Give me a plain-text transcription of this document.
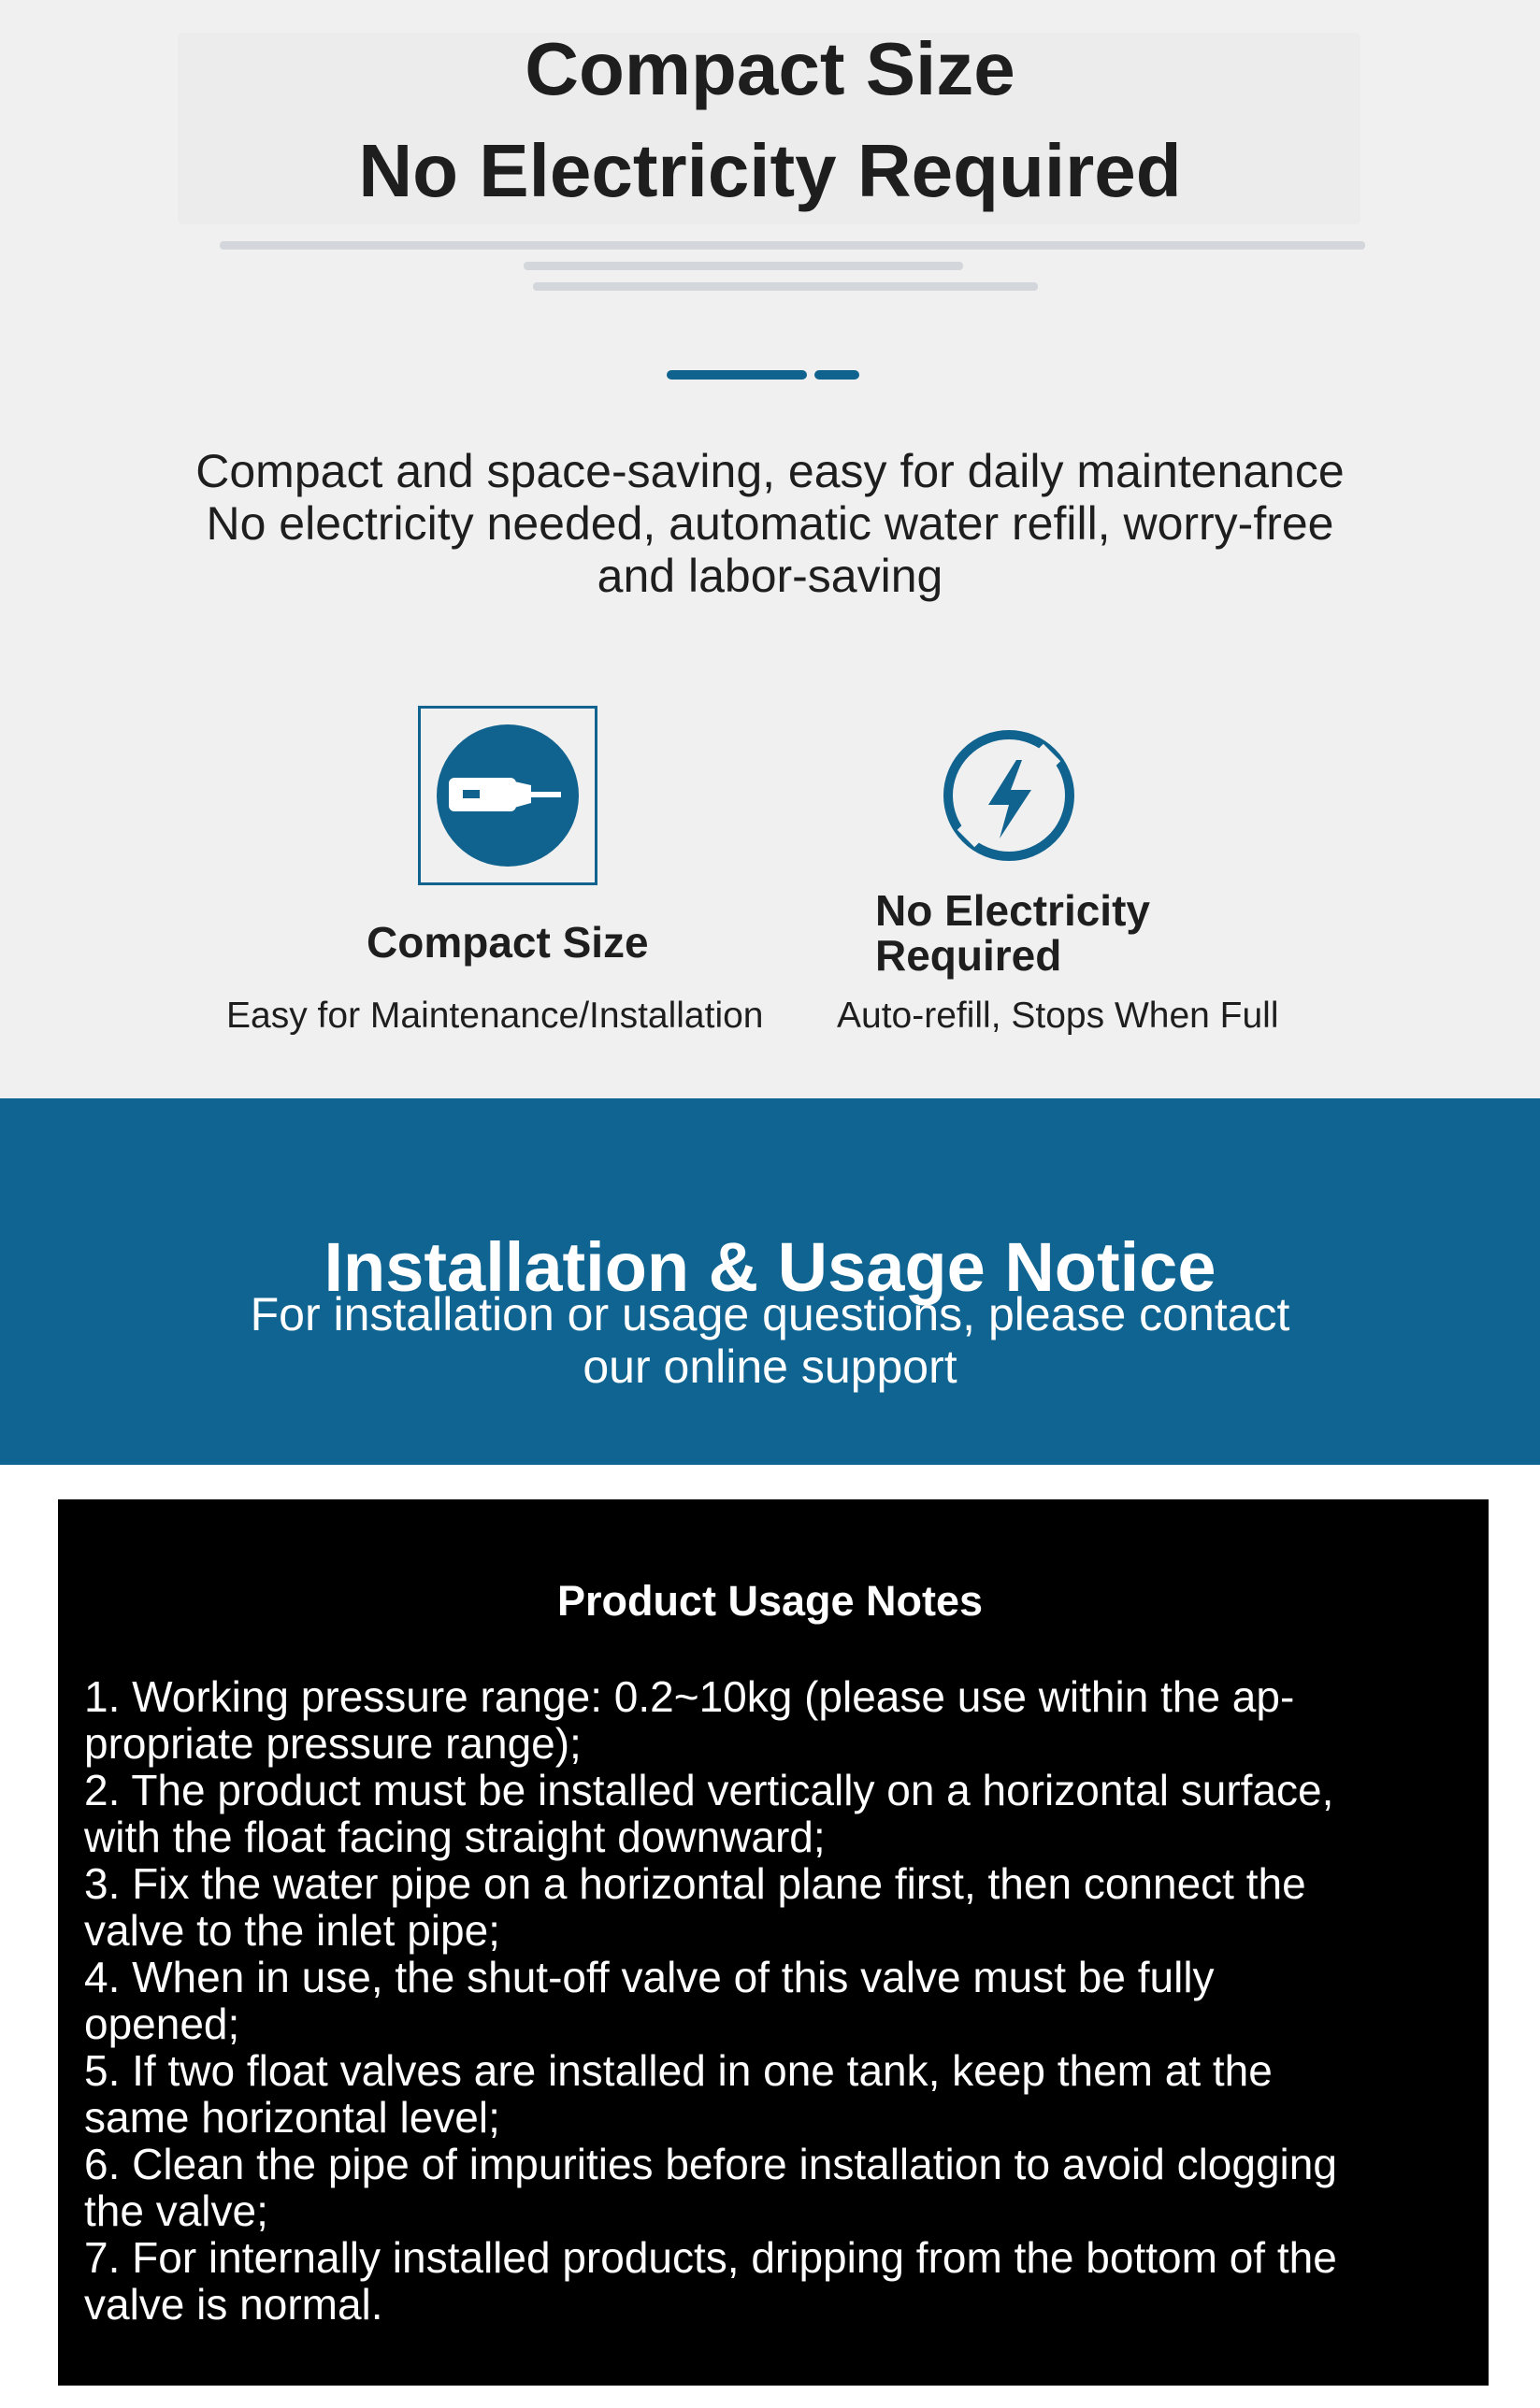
Compact Size
No Electricity Required
Compact and space-saving, easy for daily maintenance
No electricity needed, automatic water refill, worry-free
and labor-saving
Compact Size
No Electricity
Required
Easy for Maintenance/Installation Auto-refill, Stops When Full
Installation & Usage Notice
For installation or usage questions, please contact
our online support
Product Usage Notes
1. Working pressure range: 0.2~10kg (please use within the ap-
propriate pressure range);
2. The product must be installed vertically on a horizontal surface,
with the float facing straight downward;
3. Fix the water pipe on a horizontal plane first, then connect the
valve to the inlet pipe;
4. When in use, the shut-off valve of this valve must be fully
opened;
5. If two float valves are installed in one tank, keep them at the
same horizontal level;
6. Clean the pipe of impurities before installation to avoid clogging
the valve;
7. For internally installed products, dripping from the bottom of the
valve is normal.
